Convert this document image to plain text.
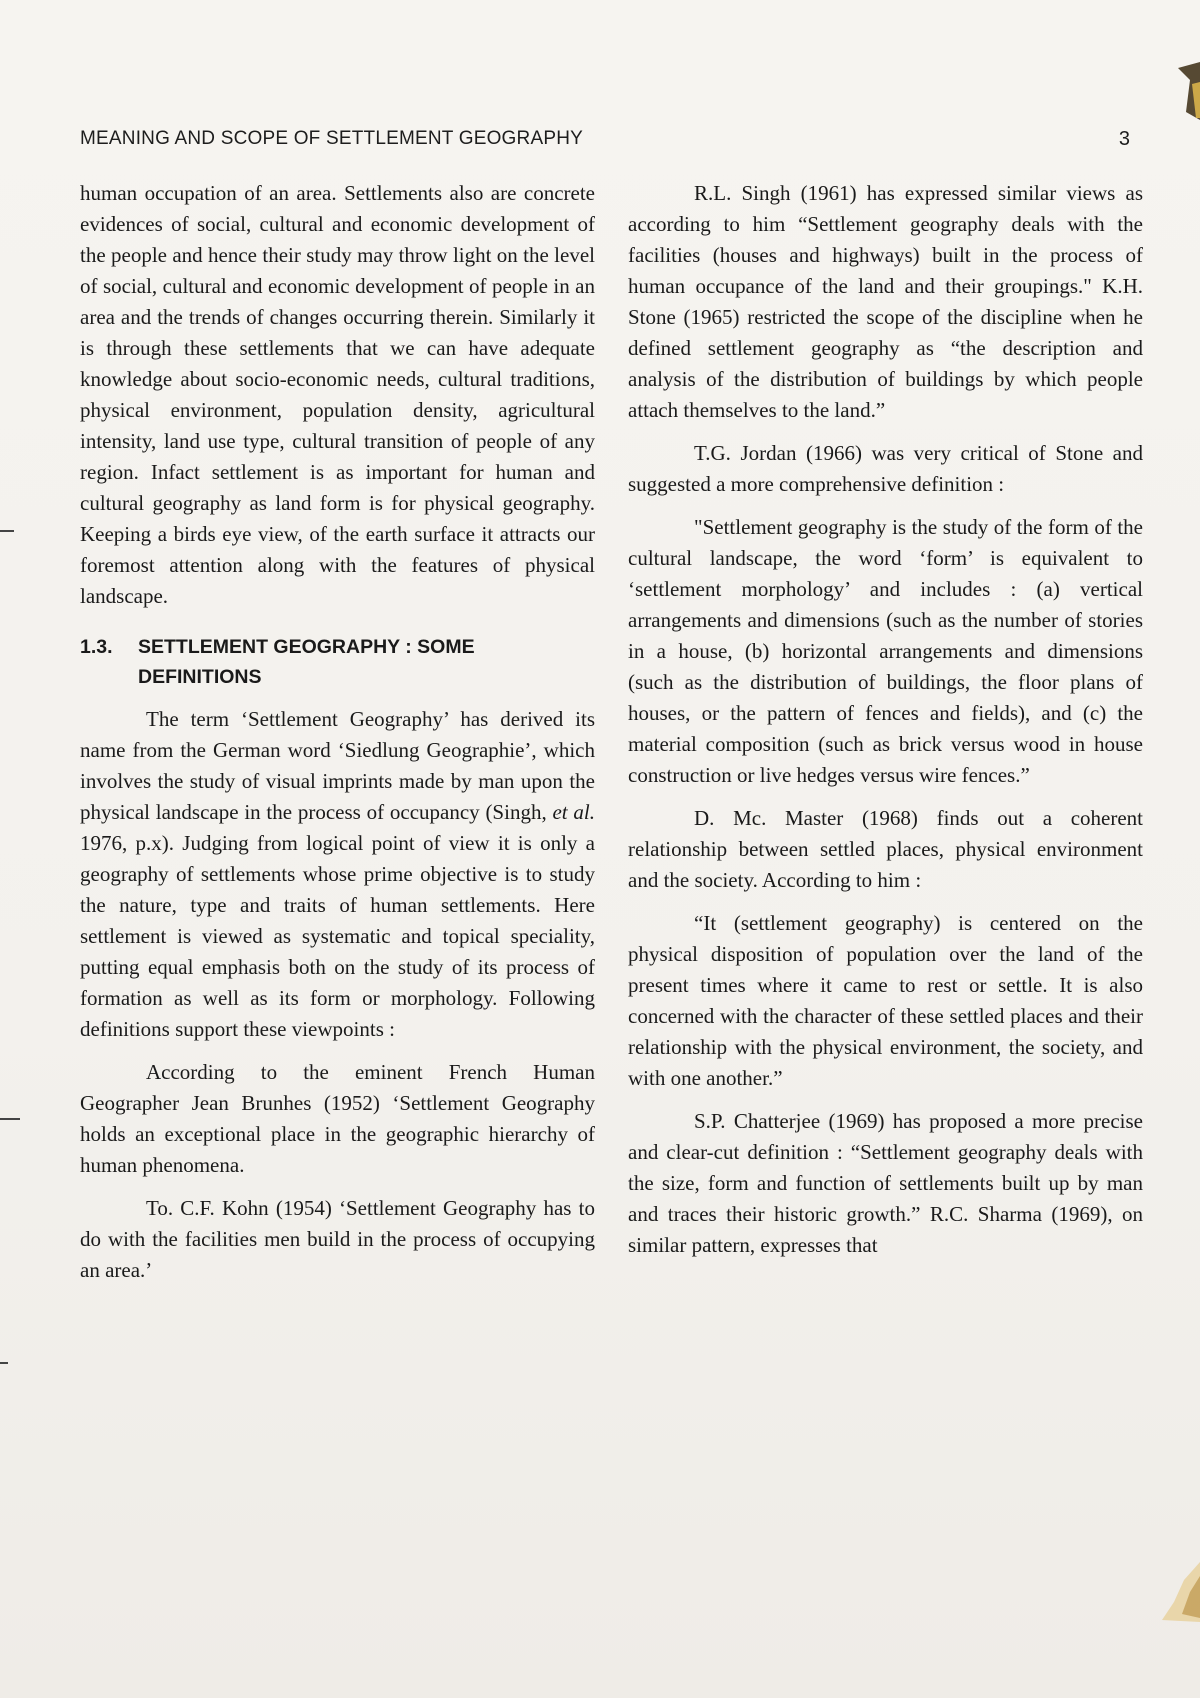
MEANING AND SCOPE OF SETTLEMENT GEOGRAPHY	3

human occupation of an area. Settlements also are concrete evidences of social, cultural and economic development of the people and hence their study may throw light on the level of social, cultural and economic development of people in an area and the trends of changes occurring therein. Similarly it is through these settlements that we can have adequate knowledge about socio-economic needs, cultural traditions, physical environment, population density, agricultural intensity, land use type, cultural transition of people of any region. Infact settlement is as important for human and cultural geography as land form is for physical geography. Keeping a birds eye view, of the earth surface it attracts our foremost attention along with the features of physical landscape.

1.3.	SETTLEMENT GEOGRAPHY : SOME DEFINITIONS

The term ‘Settlement Geography’ has derived its name from the German word ‘Siedlung Geographie’, which involves the study of visual imprints made by man upon the physical landscape in the process of occupancy (Singh, et al. 1976, p.x). Judging from logical point of view it is only a geography of settlements whose prime objective is to study the nature, type and traits of human settlements. Here settlement is viewed as systematic and topical speciality, putting equal emphasis both on the study of its process of formation as well as its form or morphology. Following definitions support these viewpoints :

According to the eminent French Human Geographer Jean Brunhes (1952) ‘Settlement Geography holds an exceptional place in the geographic hierarchy of human phenomena.

To. C.F. Kohn (1954) ‘Settlement Geography has to do with the facilities men build in the process of occupying an area.’

R.L. Singh (1961) has expressed similar views as according to him “Settlement geography deals with the facilities (houses and highways) built in the process of human occupance of the land and their groupings." K.H. Stone (1965) restricted the scope of the discipline when he defined settlement geography as “the description and analysis of the distribution of buildings by which people attach themselves to the land.”

T.G. Jordan (1966) was very critical of Stone and suggested a more comprehensive definition :

"Settlement geography is the study of the form of the cultural landscape, the word ‘form’ is equivalent to ‘settlement morphology’ and includes : (a) vertical arrangements and dimensions (such as the number of stories in a house, (b) horizontal arrangements and dimensions (such as the distribution of buildings, the floor plans of houses, or the pattern of fences and fields), and (c) the material composition (such as brick versus wood in house construction or live hedges versus wire fences.”

D. Mc. Master (1968) finds out a coherent relationship between settled places, physical environment and the society. According to him :

“It (settlement geography) is centered on the physical disposition of population over the land of the present times where it came to rest or settle. It is also concerned with the character of these settled places and their relationship with the physical environment, the society, and with one another.”

S.P. Chatterjee (1969) has proposed a more precise and clear-cut definition : “Settlement geography deals with the size, form and function of settlements built up by man and traces their historic growth.” R.C. Sharma (1969), on similar pattern, expresses that
